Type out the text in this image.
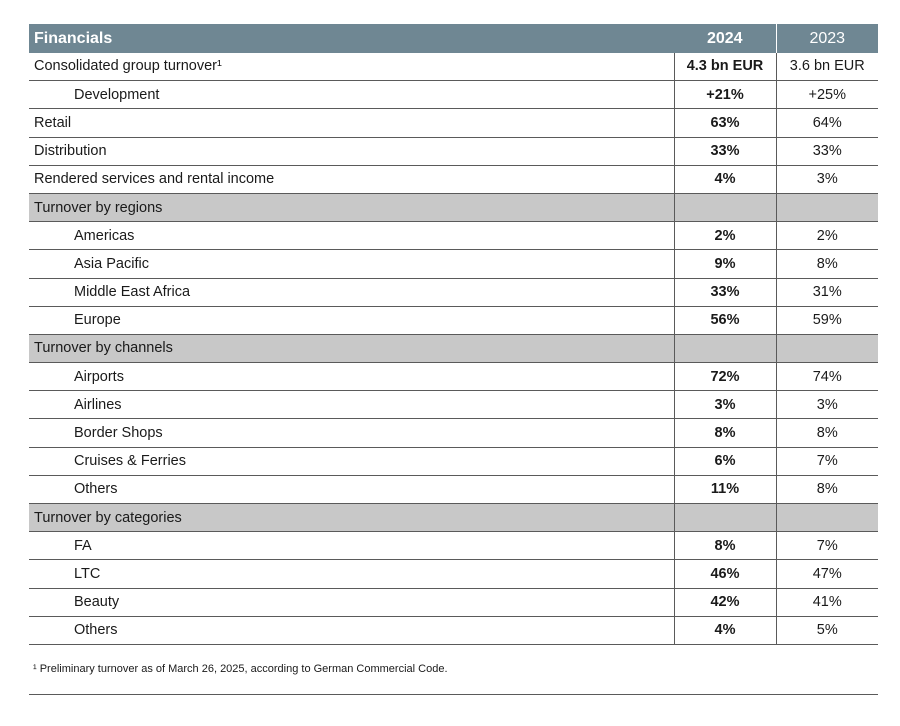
Financials	2024	2023
Consolidated group turnover¹	4.3 bn EUR	3.6 bn EUR
Development	+21%	+25%
Retail	63%	64%
Distribution	33%	33%
Rendered services and rental income	4%	3%
Turnover by regions		
Americas	2%	2%
Asia Pacific	9%	8%
Middle East Africa	33%	31%
Europe	56%	59%
Turnover by channels		
Airports	72%	74%
Airlines	3%	3%
Border Shops	8%	8%
Cruises & Ferries	6%	7%
Others	11%	8%
Turnover by categories		
FA	8%	7%
LTC	46%	47%
Beauty	42%	41%
Others	4%	5%
¹ Preliminary turnover as of March 26, 2025, according to German Commercial Code.
